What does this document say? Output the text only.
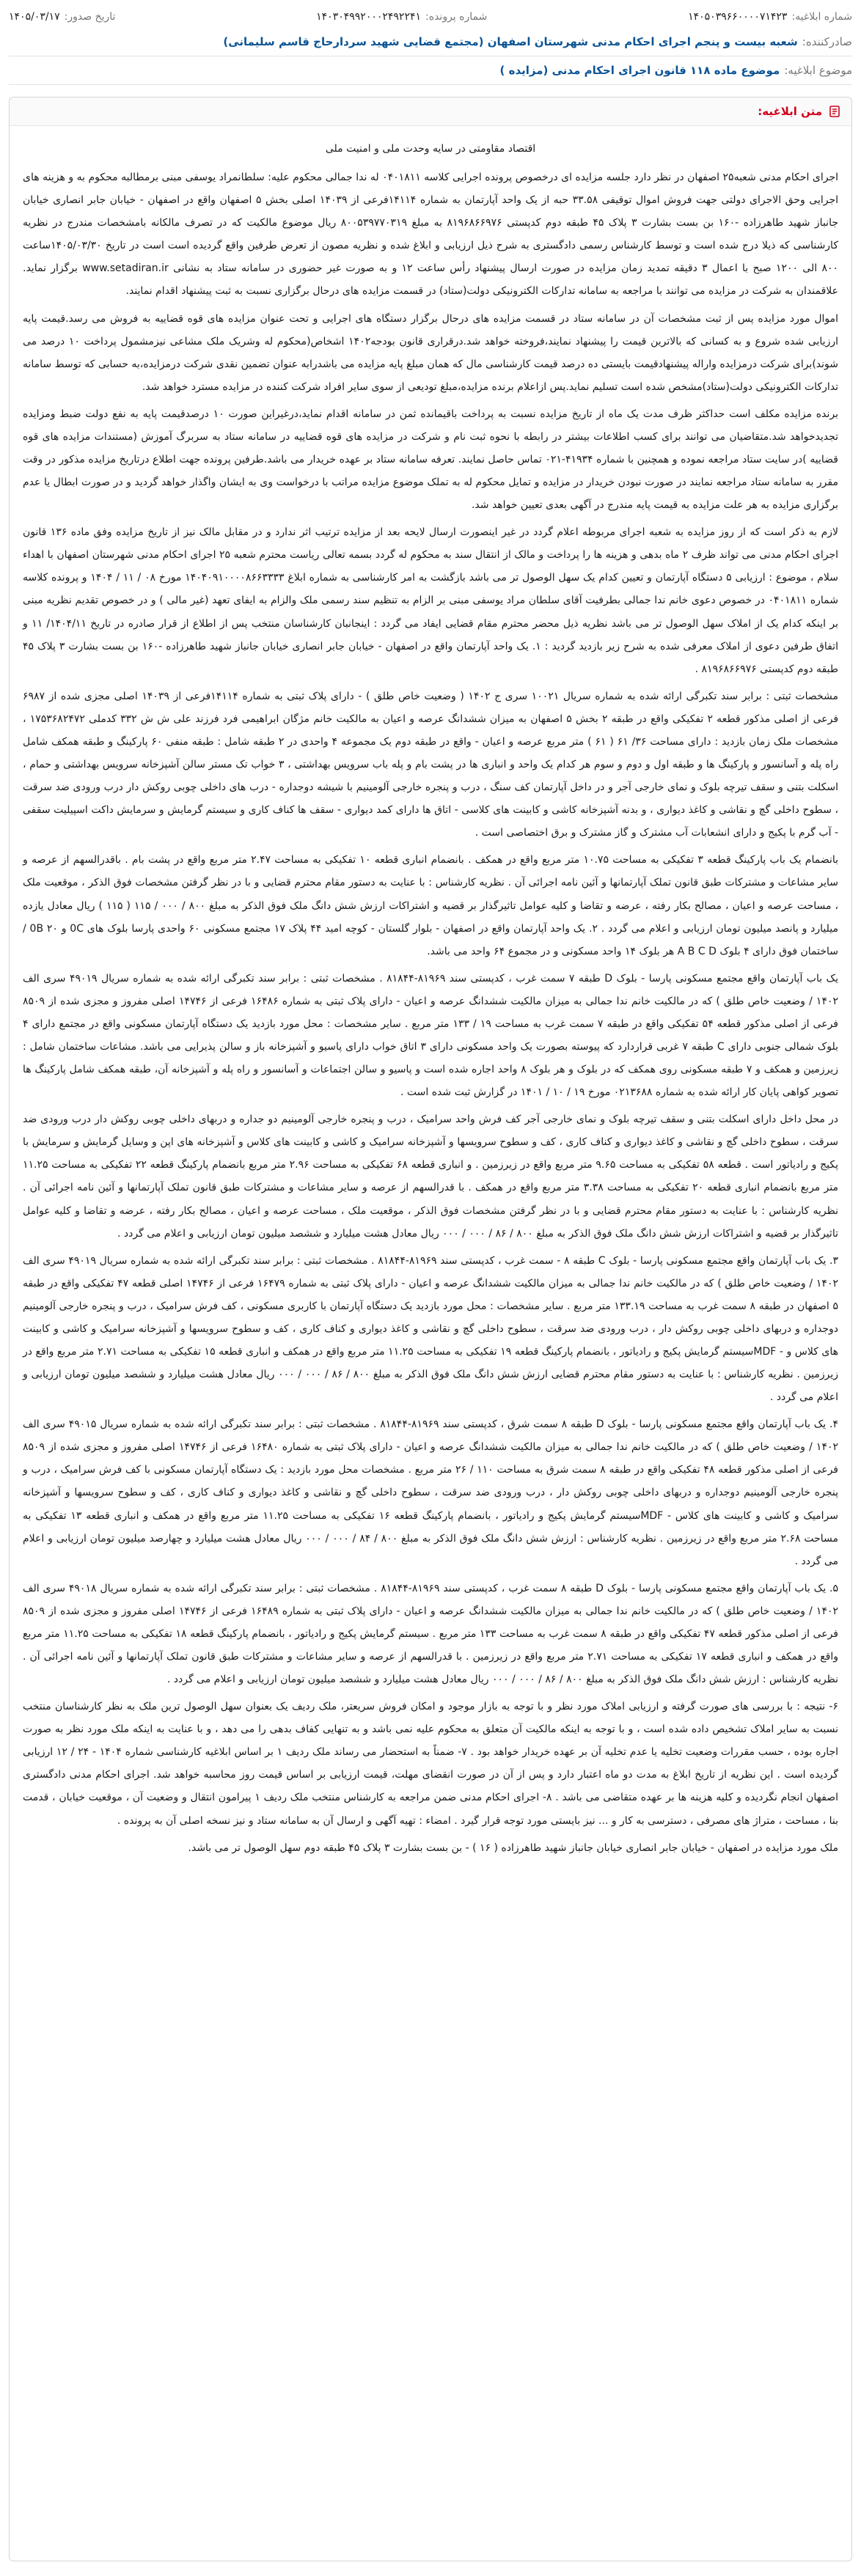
شماره ابلاغیه:
۱۴۰۵۰۳۹۶۶۰۰۰۰۷۱۴۲۳
شماره پرونده:
۱۴۰۳۰۴۹۹۲۰۰۰۲۴۹۲۲۴۱
تاریخ صدور:
۱۴۰۵/۰۳/۱۷
صادرکننده:
شعبه بیست و پنجم اجرای احکام مدنی شهرستان اصفهان (مجتمع قضایی شهید سردار‌حاج قاسم سلیمانی)
موضوع ابلاغیه:
موضوع ماده ۱۱۸ قانون اجرای احکام مدنی (مزایده )
متن ابلاغیه:

اقتصاد مقاومتی در سایه وحدت ملی و امنیت ملی

اجرای احکام مدنی شعبه۲۵ اصفهان در نظر دارد جلسه مزایده ای درخصوص پرونده اجرایی کلاسه ۰۴۰۱۸۱۱ له ندا جمالی محکوم علیه: سلطانمراد یوسفی مبنی برمطالبه محکوم به و هزینه های اجرایی وحق الاجرای دولتی جهت فروش اموال توقیفی ۳۳.۵۸ حبه از یک واحد آپارتمان به شماره ۱۴۱۱۴فرعی از ۱۴۰۳۹ اصلی بخش ۵ اصفهان واقع در اصفهان - خیابان جابر انصاری خیابان جانباز شهید طاهرزاده -۱۶۰ بن بست بشارت ۳ پلاک ۴۵ طبقه دوم کدپستی ۸۱۹۶۸۶۶۹۷۶ به مبلغ ۸۰۰۵۳۹۷۷۰۳۱۹ ریال موضوع مالکیت که در تصرف مالکانه بامشخصات مندرج در نظریه کارشناسی که ذیلا درج شده است و توسط کارشناس رسمی دادگستری به شرح ذیل ارزیابی و ابلاغ شده و نظریه مصون از تعرض طرفین واقع گردیده است است در تاریخ ۱۴۰۵/۰۳/۳۰ساعت ۸۰۰ الی ۱۲۰۰ صبح با اعمال ۳ دقیقه تمدید زمان مزایده در صورت ارسال پیشنهاد رأس ساعت ۱۲ و به صورت غیر حضوری در سامانه ستاد به نشانی www.setadiran.ir برگزار نماید. علاقمندان به شرکت در مزایده می توانند با مراجعه به سامانه تدارکات الکترونیکی دولت(ستاد) در قسمت مزایده های درحال برگزاری نسبت به ثبت پیشنهاد اقدام نمایند.

اموال مورد مزایده پس از ثبت مشخصات آن در سامانه ستاد در قسمت مزایده های درحال برگزار دستگاه های اجرایی و تحت عنوان مزایده های قوه قضاییه به فروش می رسد.قیمت پایه ارزیابی شده شروع و به کسانی که بالاترین قیمت را پیشنهاد نمایند،فروخته خواهد شد.درقراری قانون بودجه۱۴۰۲ اشخاص(محکوم له وشریک ملک مشاعی نیزمشمول پرداخت ۱۰ درصد می شوند)برای شرکت درمزایده واراله پیشنهادقیمت بایستی ده درصد قیمت کارشناسی مال که همان مبلغ پایه مزایده می باشدرابه عنوان تضمین نقدی شرکت درمزایده،به حسابی که توسط سامانه تدارکات الکترونیکی دولت(ستاد)مشخص شده است تسلیم نماید.پس ازاعلام برنده مزایده،مبلغ تودیعی از سوی سایر افراد شرکت کننده در مزایده مسترد خواهد شد.

برنده مزایده مکلف است حداکثر ظرف مدت یک ماه از تاریخ مزایده نسبت به پرداخت باقیمانده ثمن در سامانه اقدام نماید،درغیراین صورت ۱۰ درصدقیمت پایه به نفع دولت ضبط ومزایده تجدیدخواهد شد.متقاضیان می توانند برای کسب اطلاعات بیشتر در رابطه با نحوه ثبت نام و شرکت در مزایده های قوه قضاییه در سامانه ستاد به سربرگ آموزش (مستندات مزایده های قوه قضاییه )در سایت ستاد مراجعه نموده و همچنین با شماره ۴۱۹۳۴-۰۲۱ تماس حاصل نمایند. تعرفه سامانه ستاد بر عهده خریدار می باشد.طرفین پرونده جهت اطلاع درتاریخ مزایده مذکور در وقت مقرر به سامانه ستاد مراجعه نمایند در صورت نبودن خریدار در مزایده و تمایل محکوم له به تملک موضوع مزایده مراتب با درخواست وی به ایشان واگذار خواهد گردید و در صورت ابطال یا عدم برگزاری مزایده به هر علت مزایده به قیمت پایه مندرج در آگهی بعدی تعیین خواهد شد.

لازم به ذکر است که از روز مزایده به شعبه اجرای مربوطه اعلام گردد در غیر اینصورت ارسال لایحه بعد از مزایده ترتیب اثر ندارد و در مقابل مالک نیز از تاریخ مزایده وفق ماده ۱۳۶ قانون اجرای احکام مدنی می تواند ظرف ۲ ماه بدهی و هزینه ها را پرداخت و مالک از انتقال سند به محکوم له گردد بسمه تعالی ریاست محترم شعبه ۲۵ اجرای احکام مدنی شهرستان اصفهان با اهداء سلام ، موضوع : ارزیابی ۵ دستگاه آپارتمان و تعیین کدام یک سهل الوصول تر می باشد بازگشت به امر کارشناسی به شماره ابلاغ ۱۴۰۴۰۹۱۰۰۰۰۸۶۶۳۳۳۳ مورخ ۰۸ / ۱۱ / ۱۴۰۴ و پرونده کلاسه شماره ۰۴۰۱۸۱۱ در خصوص دعوی خانم ندا جمالی بطرفیت آقای سلطان مراد یوسفی مبنی بر الزام به تنظیم سند رسمی ملک والزام به ایفای تعهد (غیر مالی ) و در خصوص تقدیم نظریه مبنی بر اینکه کدام یک از املاک سهل الوصول تر می باشد نظریه ذیل محضر محترم مقام قضایی ایفاد می گردد : اینجانبان کارشناسان منتخب پس از اطلاع از قرار صادره در تاریخ ۱۴۰۴/۱۱/ ۱۱ و اتفاق طرفین دعوی از املاک معرفی شده به شرح زیر بازدید گردید : ۱. یک واحد آپارتمان واقع در اصفهان - خیابان جابر انصاری خیابان جانباز شهید طاهرزاده -۱۶۰ بن بست بشارت ۳ پلاک ۴۵ طبقه دوم کدپستی ۸۱۹۶۸۶۶۹۷۶ .

مشخصات ثبتی : برابر سند تکبرگی ارائه شده به شماره سریال ۱۰۰۲۱ سری ج ۱۴۰۲ ( وضعیت خاص طلق ) - دارای پلاک ثبتی به شماره ۱۴۱۱۴فرعی از ۱۴۰۳۹ اصلی مجزی شده از ۶۹۸۷ فرعی از اصلی مذکور قطعه ۲ تفکیکی واقع در طبقه ۲ بخش ۵ اصفهان به میزان ششدانگ عرصه و اعیان به مالکیت خانم مژگان ابراهیمی فرد فرزند علی ش ش ۳۳۲ کدملی ۱۷۵۳۶۸۲۴۷۲ ، مشخصات ملک زمان بازدید : دارای مساحت ۳۶/ ۶۱ ( ۶۱ ) متر مربع عرصه و اعیان - واقع در طبقه دوم یک مجموعه ۴ واحدی در ۲ طبقه شامل : طبقه منفی ۶۰ پارکینگ و طبقه همکف شامل راه پله و آسانسور و پارکینگ ها و طبقه اول و دوم و سوم هر کدام یک واحد و انباری ها در پشت بام و پله باب سرویس بهداشتی ، ۳ خواب تک مستر سالن آشپزخانه سرویس بهداشتی و حمام ، اسکلت بتنی و سقف تیرچه بلوک و نمای خارجی آجر و در داخل آپارتمان کف سنگ ، درب و پنجره خارجی آلومینیم با شیشه دوجداره - درب های داخلی چوبی روکش دار درب ورودی ضد سرقت ، سطوح داخلی گچ و نقاشی و کاغذ دیواری ، و بدنه آشپزخانه کاشی و کابینت های کلاسی - اتاق ها دارای کمد دیواری - سقف ها کناف کاری و سیستم گرمایش و سرمایش داکت اسپیلیت سقفی - آب گرم با پکیج و دارای انشعابات آب مشترک و گاز مشترک و برق اختصاصی است .

بانضمام یک باب پارکینگ قطعه ۳ تفکیکی به مساحت ۱۰.۷۵ متر مربع واقع در همکف . بانضمام انباری قطعه ۱۰ تفکیکی به مساحت ۲.۴۷ متر مربع واقع در پشت بام . باقدرالسهم از عرصه و سایر مشاعات و مشترکات طبق قانون تملک آپارتمانها و آئین نامه اجرائی آن . نظریه کارشناس : با عنایت به دستور مقام محترم قضایی و با در نظر گرفتن مشخصات فوق الذکر ، موقعیت ملک ، مساحت عرصه و اعیان ، مصالح بکار رفته ، عرضه و تقاضا و کلیه عوامل تاثیرگذار بر قضیه و اشتراکات ارزش شش دانگ ملک فوق الذکر به مبلغ ۸۰۰ / ۰۰۰ / ۱۱۵ ( ۱۱۵ ) ریال معادل یازده میلیارد و پانصد میلیون تومان ارزیابی و اعلام می گردد . ۲. یک واحد آپارتمان واقع در اصفهان - بلوار گلستان - کوچه امید ۴۴ پلاک ۱۷ مجتمع مسکونی ۶۰ واحدی پارسا بلوک های 0C و 0B ۲۰ / ساختمان فوق دارای ۴ بلوک A B C D هر بلوک ۱۴ واحد مسکونی و در مجموع ۶۴ واحد می باشد.

یک باب آپارتمان واقع مجتمع مسکونی پارسا - بلوک D طبقه ۷ سمت غرب ، کدپستی سند ۸۱۹۶۹-۸۱۸۴۴ . مشخصات ثبتی : برابر سند تکبرگی ارائه شده به شماره سریال ۴۹۰۱۹ سری الف ۱۴۰۲ / وضعیت خاص طلق ) که در مالکیت خانم ندا جمالی به میزان مالکیت ششدانگ عرصه و اعیان - دارای پلاک ثبتی به شماره ۱۶۴۸۶ فرعی از ۱۴۷۴۶ اصلی مفروز و مجزی شده از ۸۵۰۹ فرعی از اصلی مذکور قطعه ۵۴ تفکیکی واقع در طبقه ۷ سمت غرب به مساحت ۱۹ / ۱۳۳ متر مربع . سایر مشخصات : محل مورد بازدید یک دستگاه آپارتمان مسکونی واقع در مجتمع دارای ۴ بلوک شمالی جنوبی دارای C طبقه ۷ غربی قراردارد که پیوسته بصورت یک واحد مسکونی دارای ۳ اتاق خواب دارای پاسیو و آشپزخانه باز و سالن پذیرایی می باشد. مشاعات ساختمان شامل : زیرزمین و همکف و ۷ طبقه مسکونی روی همکف که در بلوک و هر بلوک ۸ واحد اجاره شده است و پاسیو و سالن اجتماعات و آسانسور و راه پله و آشپزخانه آن، طبقه همکف شامل پارکینگ ها تصویر کواهی پایان کار ارائه شده به شماره ۰۲۱۳۶۸۸ مورخ ۱۹ / ۱۰ / ۱۴۰۱ در گزارش ثبت شده است .

در محل داخل دارای اسکلت بتنی و سقف تیرچه بلوک و نمای خارجی آجر کف فرش واحد سرامیک ، درب و پنجره خارجی آلومینیم دو جداره و دربهای داخلی چوبی روکش دار درب ورودی ضد سرقت ، سطوح داخلی گچ و نقاشی و کاغذ دیواری و کناف کاری ، کف و سطوح سرویسها و آشپزخانه سرامیک و کاشی و کابینت های کلاس و آشپزخانه های اپن و وسایل گرمایش و سرمایش با پکیج و رادیاتور است . قطعه ۵۸ تفکیکی به مساحت ۹.۶۵ متر مربع واقع در زیرزمین . و انباری قطعه ۶۸ تفکیکی به مساحت ۲.۹۶ متر مربع بانضمام پارکینگ قطعه ۲۲ تفکیکی به مساحت ۱۱.۲۵ متر مربع بانضمام انباری قطعه ۲۰ تفکیکی به مساحت ۳.۳۸ متر مربع واقع در همکف . با قدرالسهم از عرصه و سایر مشاعات و مشترکات طبق قانون تملک آپارتمانها و آئین نامه اجرائی آن . نظریه کارشناس : با عنایت به دستور مقام محترم قضایی و با در نظر گرفتن مشخصات فوق الذکر ، موقعیت ملک ، مساحت عرصه و اعیان ، مصالح بکار رفته ، عرضه و تقاضا و کلیه عوامل تاثیرگذار بر قضیه و اشتراکات ارزش شش دانگ ملک فوق الذکر به مبلغ ۸۰۰ / ۸۶ / ۰۰۰ / ۰۰۰ ریال معادل هشت میلیارد و ششصد میلیون تومان ارزیابی و اعلام می گردد .

۳. یک باب آپارتمان واقع مجتمع مسکونی پارسا - بلوک C طبقه ۸ - سمت غرب ، کدپستی سند ۸۱۹۶۹-۸۱۸۴۴ . مشخصات ثبتی : برابر سند تکبرگی ارائه شده به شماره سریال ۴۹۰۱۹ سری الف ۱۴۰۲ / وضعیت خاص طلق ) که در مالکیت خانم ندا جمالی به میزان مالکیت ششدانگ عرصه و اعیان - دارای پلاک ثبتی به شماره ۱۶۴۷۹ فرعی از ۱۴۷۴۶ اصلی قطعه ۴۷ تفکیکی واقع در طبقه ۵ اصفهان در طبقه ۸ سمت غرب به مساحت ۱۳۳.۱۹ متر مربع . سایر مشخصات : محل مورد بازدید یک دستگاه آپارتمان با کاربری مسکونی ، کف فرش سرامیک ، درب و پنجره خارجی آلومینیم دوجداره و دربهای داخلی چوبی روکش دار ، درب ورودی ضد سرقت ، سطوح داخلی گچ و نقاشی و کاغذ دیواری و کناف کاری ، کف و سطوح سرویسها و آشپزخانه سرامیک و کاشی و کابینت های کلاس و - MDFسیستم گرمایش پکیج و رادیاتور ، بانضمام پارکینگ قطعه ۱۹ تفکیکی به مساحت ۱۱.۲۵ متر مربع واقع در همکف و انباری قطعه ۱۵ تفکیکی به مساحت ۲.۷۱ متر مربع واقع در زیرزمین . نظریه کارشناس : با عنایت به دستور مقام محترم قضایی ارزش شش دانگ ملک فوق الذکر به مبلغ ۸۰۰ / ۸۶ / ۰۰۰ / ۰۰۰ ریال معادل هشت میلیارد و ششصد میلیون تومان ارزیابی و اعلام می گردد .

۴. یک باب آپارتمان واقع مجتمع مسکونی پارسا - بلوک D طبقه ۸ سمت شرق ، کدپستی سند ۸۱۹۶۹-۸۱۸۴۴ . مشخصات ثبتی : برابر سند تکبرگی ارائه شده به شماره سریال ۴۹۰۱۵ سری الف ۱۴۰۲ / وضعیت خاص طلق ) که در مالکیت خانم ندا جمالی به میزان مالکیت ششدانگ عرصه و اعیان - دارای پلاک ثبتی به شماره ۱۶۴۸۰ فرعی از ۱۴۷۴۶ اصلی مفروز و مجزی شده از ۸۵۰۹ فرعی از اصلی مذکور قطعه ۴۸ تفکیکی واقع در طبقه ۸ سمت شرق به مساحت ۱۱۰ / ۲۶ متر مربع . مشخصات محل مورد بازدید : یک دستگاه آپارتمان مسکونی با کف فرش سرامیک ، درب و پنجره خارجی آلومینیم دوجداره و دربهای داخلی چوبی روکش دار ، درب ورودی ضد سرقت ، سطوح داخلی گچ و نقاشی و کاغذ دیواری و کناف کاری ، کف و سطوح سرویسها و آشپزخانه سرامیک و کاشی و کابینت های کلاس - MDFسیستم گرمایش پکیج و رادیاتور ، بانضمام پارکینگ قطعه ۱۶ تفکیکی به مساحت ۱۱.۲۵ متر مربع واقع در همکف و انباری قطعه ۱۳ تفکیکی به مساحت ۲.۶۸ متر مربع واقع در زیرزمین . نظریه کارشناس : ارزش شش دانگ ملک فوق الذکر به مبلغ ۸۰۰ / ۸۴ / ۰۰۰ / ۰۰۰ ریال معادل هشت میلیارد و چهارصد میلیون تومان ارزیابی و اعلام می گردد .

۵. یک باب آپارتمان واقع مجتمع مسکونی پارسا - بلوک D طبقه ۸ سمت غرب ، کدپستی سند ۸۱۹۶۹-۸۱۸۴۴ . مشخصات ثبتی : برابر سند تکبرگی ارائه شده به شماره سریال ۴۹۰۱۸ سری الف ۱۴۰۲ / وضعیت خاص طلق ) که در مالکیت خانم ندا جمالی به میزان مالکیت ششدانگ عرصه و اعیان - دارای پلاک ثبتی به شماره ۱۶۴۸۹ فرعی از ۱۴۷۴۶ اصلی مفروز و مجزی شده از ۸۵۰۹ فرعی از اصلی مذکور قطعه ۴۷ تفکیکی واقع در طبقه ۸ سمت غرب به مساحت ۱۳۳ متر مربع . سیستم گرمایش پکیج و رادیاتور ، بانضمام پارکینگ قطعه ۱۸ تفکیکی به مساحت ۱۱.۲۵ متر مربع واقع در همکف و انباری قطعه ۱۷ تفکیکی به مساحت ۲.۷۱ متر مربع واقع در زیرزمین . با قدرالسهم از عرصه و سایر مشاعات و مشترکات طبق قانون تملک آپارتمانها و آئین نامه اجرائی آن . نظریه کارشناس : ارزش شش دانگ ملک فوق الذکر به مبلغ ۸۰۰ / ۸۶ / ۰۰۰ / ۰۰۰ ریال معادل هشت میلیارد و ششصد میلیون تومان ارزیابی و اعلام می گردد .

۶- نتیجه : با بررسی های صورت گرفته و ارزیابی املاک مورد نظر و با توجه به بازار موجود و امکان فروش سریعتر، ملک ردیف یک بعنوان سهل الوصول ترین ملک به نظر کارشناسان منتخب نسبت به سایر املاک تشخیص داده شده است ، و با توجه به اینکه مالکیت آن متعلق به محکوم علیه نمی باشد و به تنهایی کفاف بدهی را می دهد ، و با عنایت به اینکه ملک مورد نظر به صورت اجاره بوده ، حسب مقررات وضعیت تخلیه یا عدم تخلیه آن بر عهده خریدار خواهد بود . ۷- ضمناً به استحضار می رساند ملک ردیف ۱ بر اساس ابلاغیه کارشناسی شماره ۱۴۰۴ - ۲۴ / ۱۲ ارزیابی گردیده است . این نظریه از تاریخ ابلاغ به مدت دو ماه اعتبار دارد و پس از آن در صورت انقضای مهلت، قیمت ارزیابی بر اساس قیمت روز محاسبه خواهد شد. اجرای احکام مدنی دادگستری اصفهان انجام نگردیده و کلیه هزینه ها بر عهده متقاضی می باشد . ۸- اجرای احکام مدنی ضمن مراجعه به کارشناس منتخب ملک ردیف ۱ پیرامون انتقال و وضعیت آن ، موقعیت خیابان ، قدمت بنا ، مساحت ، متراژ های مصرفی ، دسترسی به کار و ... نیز بایستی مورد توجه قرار گیرد . امضاء : تهیه آگهی و ارسال آن به سامانه ستاد و نیز نسخه اصلی آن به پرونده .

ملک مورد مزایده در اصفهان - خیابان جابر انصاری خیابان جانباز شهید طاهرزاده ( ۱۶ ) - بن بست بشارت ۳ پلاک ۴۵ طبقه دوم سهل الوصول تر می باشد.
